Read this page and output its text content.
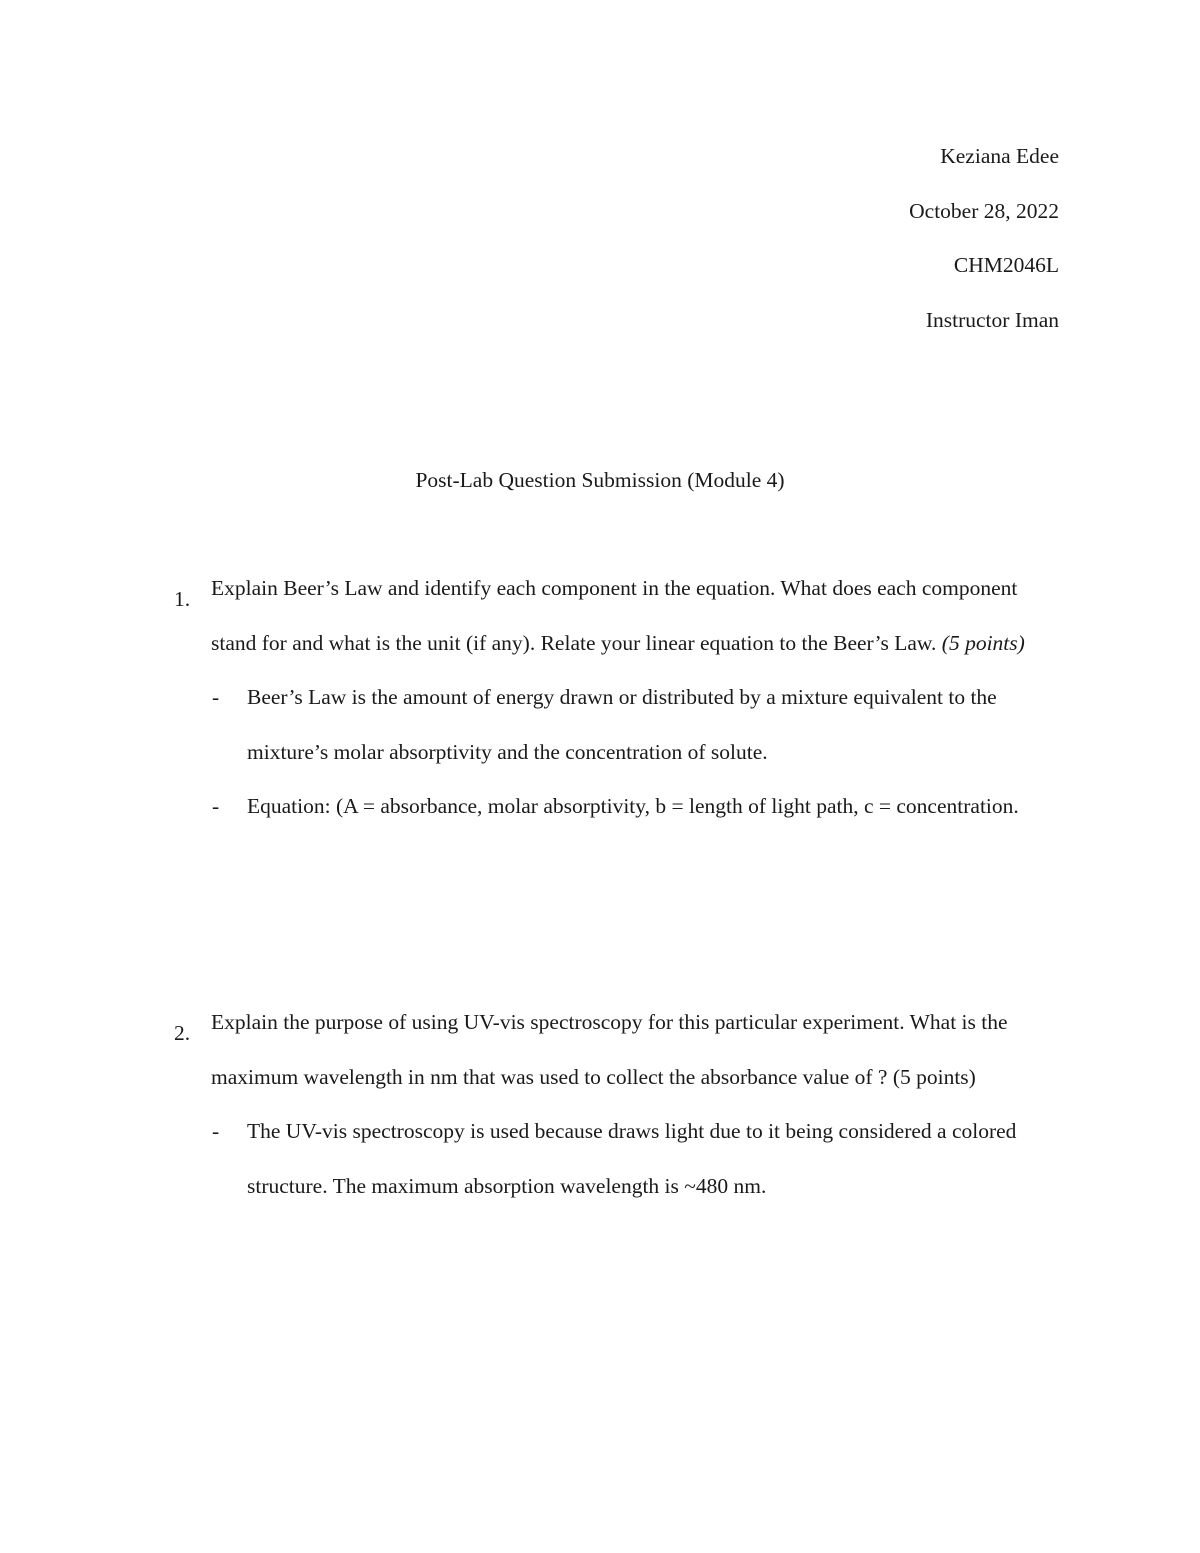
Keziana Edee
October 28, 2022
CHM2046L
Instructor Iman
Post-Lab Question Submission (Module 4)
1. Explain Beer’s Law and identify each component in the equation. What does each component stand for and what is the unit (if any). Relate your linear equation to the Beer’s Law. (5 points)
-	Beer’s Law is the amount of energy drawn or distributed by a mixture equivalent to the mixture’s molar absorptivity and the concentration of solute.
-	Equation: (A = absorbance, molar absorptivity, b = length of light path, c = concentration.
2. Explain the purpose of using UV-vis spectroscopy for this particular experiment. What is the maximum wavelength in nm that was used to collect the absorbance value of ? (5 points)
-	The UV-vis spectroscopy is used because draws light due to it being considered a colored structure. The maximum absorption wavelength is ~480 nm.
